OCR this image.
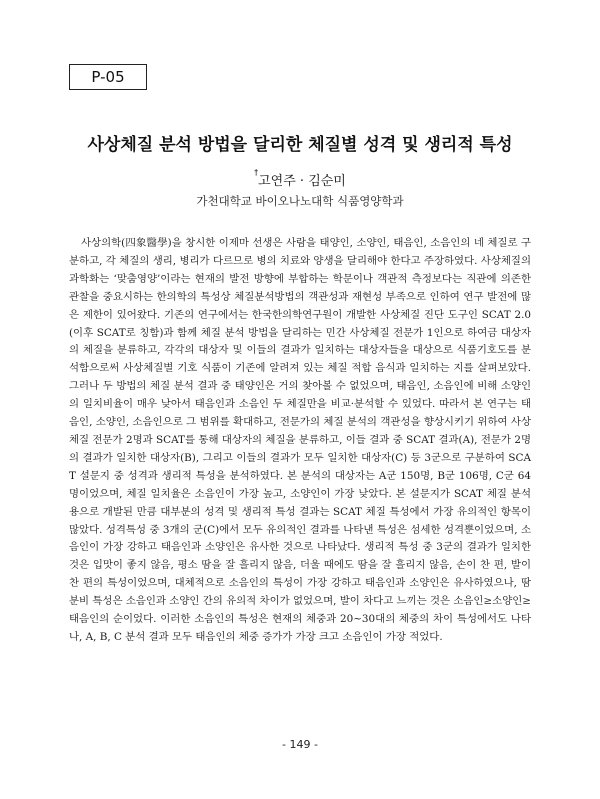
P-05
사상체질 분석 방법을 달리한 체질별 성격 및 생리적 특성
†고연주 · 김순미
가천대학교 바이오나노대학 식품영양학과

사상의학(四象醫學)을 창시한 이제마 선생은 사람을 태양인, 소양인, 태음인, 소음인의 네 체질로 구분하고, 각 체질의 생리, 병리가 다르므로 병의 치료와 양생을 달리해야 한다고 주장하였다. 사상체질의 과학화는 ‘맞춤영양’이라는 현재의 발전 방향에 부합하는 학문이나 객관적 측정보다는 직관에 의존한 관찰을 중요시하는 한의학의 특성상 체질분석방법의 객관성과 재현성 부족으로 인하여 연구 발전에 많은 제한이 있어왔다. 기존의 연구에서는 한국한의학연구원이 개발한 사상체질 진단 도구인 SCAT 2.0(이후 SCAT로 칭함)과 함께 체질 분석 방법을 달리하는 민간 사상체질 전문가 1인으로 하여금 대상자의 체질을 분류하고, 각각의 대상자 및 이들의 결과가 일치하는 대상자들을 대상으로 식품기호도를 분석함으로써 사상체질별 기호 식품이 기존에 알려져 있는 체질 적합 음식과 일치하는 지를 살펴보았다. 그러나 두 방법의 체질 분석 결과 중 태양인은 거의 찾아볼 수 없었으며, 태음인, 소음인에 비해 소양인의 일치비율이 매우 낮아서 태음인과 소음인 두 체질만을 비교·분석할 수 있었다. 따라서 본 연구는 태음인, 소양인, 소음인으로 그 범위를 확대하고, 전문가의 체질 분석의 객관성을 향상시키기 위하여 사상체질 전문가 2명과 SCAT를 통해 대상자의 체질을 분류하고, 이들 결과 중 SCAT 결과(A), 전문가 2명의 결과가 일치한 대상자(B), 그리고 이들의 결과가 모두 일치한 대상자(C) 등 3군으로 구분하여 SCAT 설문지 중 성격과 생리적 특성을 분석하였다. 본 분석의 대상자는 A군 150명, B군 106명, C군 64명이었으며, 체질 일치율은 소음인이 가장 높고, 소양인이 가장 낮았다. 본 설문지가 SCAT 체질 분석용으로 개발된 만큼 대부분의 성격 및 생리적 특성 결과는 SCAT 체질 특성에서 가장 유의적인 항목이 많았다. 성격특성 중 3개의 군(C)에서 모두 유의적인 결과를 나타낸 특성은 섬세한 성격뿐이었으며, 소음인이 가장 강하고 태음인과 소양인은 유사한 것으로 나타났다. 생리적 특성 중 3군의 결과가 일치한 것은 입맛이 좋지 않음, 평소 땀을 잘 흘리지 않음, 더울 때에도 땀을 잘 흘리지 않음, 손이 찬 편, 발이 찬 편의 특성이었으며, 대체적으로 소음인의 특성이 가장 강하고 태음인과 소양인은 유사하였으나, 땀 분비 특성은 소음인과 소양인 간의 유의적 차이가 없었으며, 발이 차다고 느끼는 것은 소음인≥소양인≥태음인의 순이었다. 이러한 소음인의 특성은 현재의 체중과 20~30대의 체중의 차이 특성에서도 나타나, A, B, C 분석 결과 모두 태음인의 체중 증가가 가장 크고 소음인이 가장 적었다.

- 149 -
